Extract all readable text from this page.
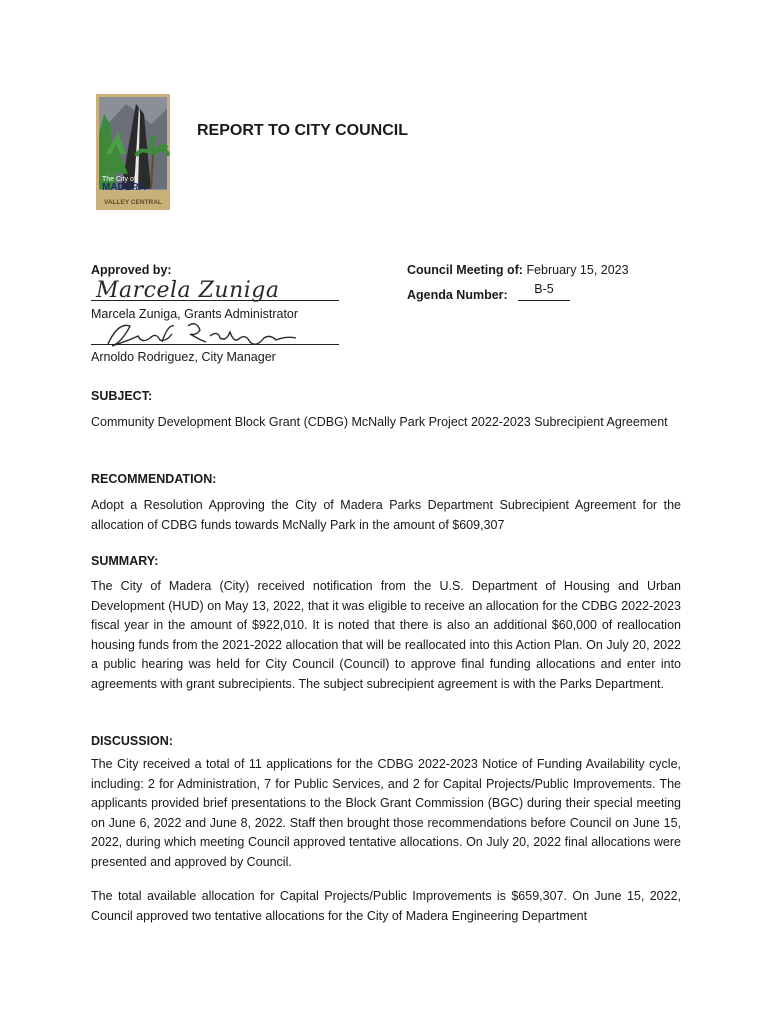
The City of
MADERA
VALLEY CENTRAL
REPORT TO CITY COUNCIL
Approved by:
Marcela Zuniga
Marcela Zuniga, Grants Administrator
Arnoldo Rodriguez, City Manager
Council Meeting of: February 15, 2023
Agenda Number:	B-5
SUBJECT:
Community Development Block Grant (CDBG) McNally Park Project 2022-2023 Subrecipient Agreement
RECOMMENDATION:
Adopt a Resolution Approving the City of Madera Parks Department Subrecipient Agreement for the allocation of CDBG funds towards McNally Park in the amount of $609,307
SUMMARY:
The City of Madera (City) received notification from the U.S. Department of Housing and Urban Development (HUD) on May 13, 2022, that it was eligible to receive an allocation for the CDBG 2022-2023 fiscal year in the amount of $922,010. It is noted that there is also an additional $60,000 of reallocation housing funds from the 2021-2022 allocation that will be reallocated into this Action Plan. On July 20, 2022 a public hearing was held for City Council (Council) to approve final funding allocations and enter into agreements with grant subrecipients. The subject subrecipient agreement is with the Parks Department.
DISCUSSION:
The City received a total of 11 applications for the CDBG 2022-2023 Notice of Funding Availability cycle, including: 2 for Administration, 7 for Public Services, and 2 for Capital Projects/Public Improvements. The applicants provided brief presentations to the Block Grant Commission (BGC) during their special meeting on June 6, 2022 and June 8, 2022. Staff then brought those recommendations before Council on June 15, 2022, during which meeting Council approved tentative allocations. On July 20, 2022 final allocations were presented and approved by Council.
The total available allocation for Capital Projects/Public Improvements is $659,307. On June 15, 2022, Council approved two tentative allocations for the City of Madera Engineering Department
